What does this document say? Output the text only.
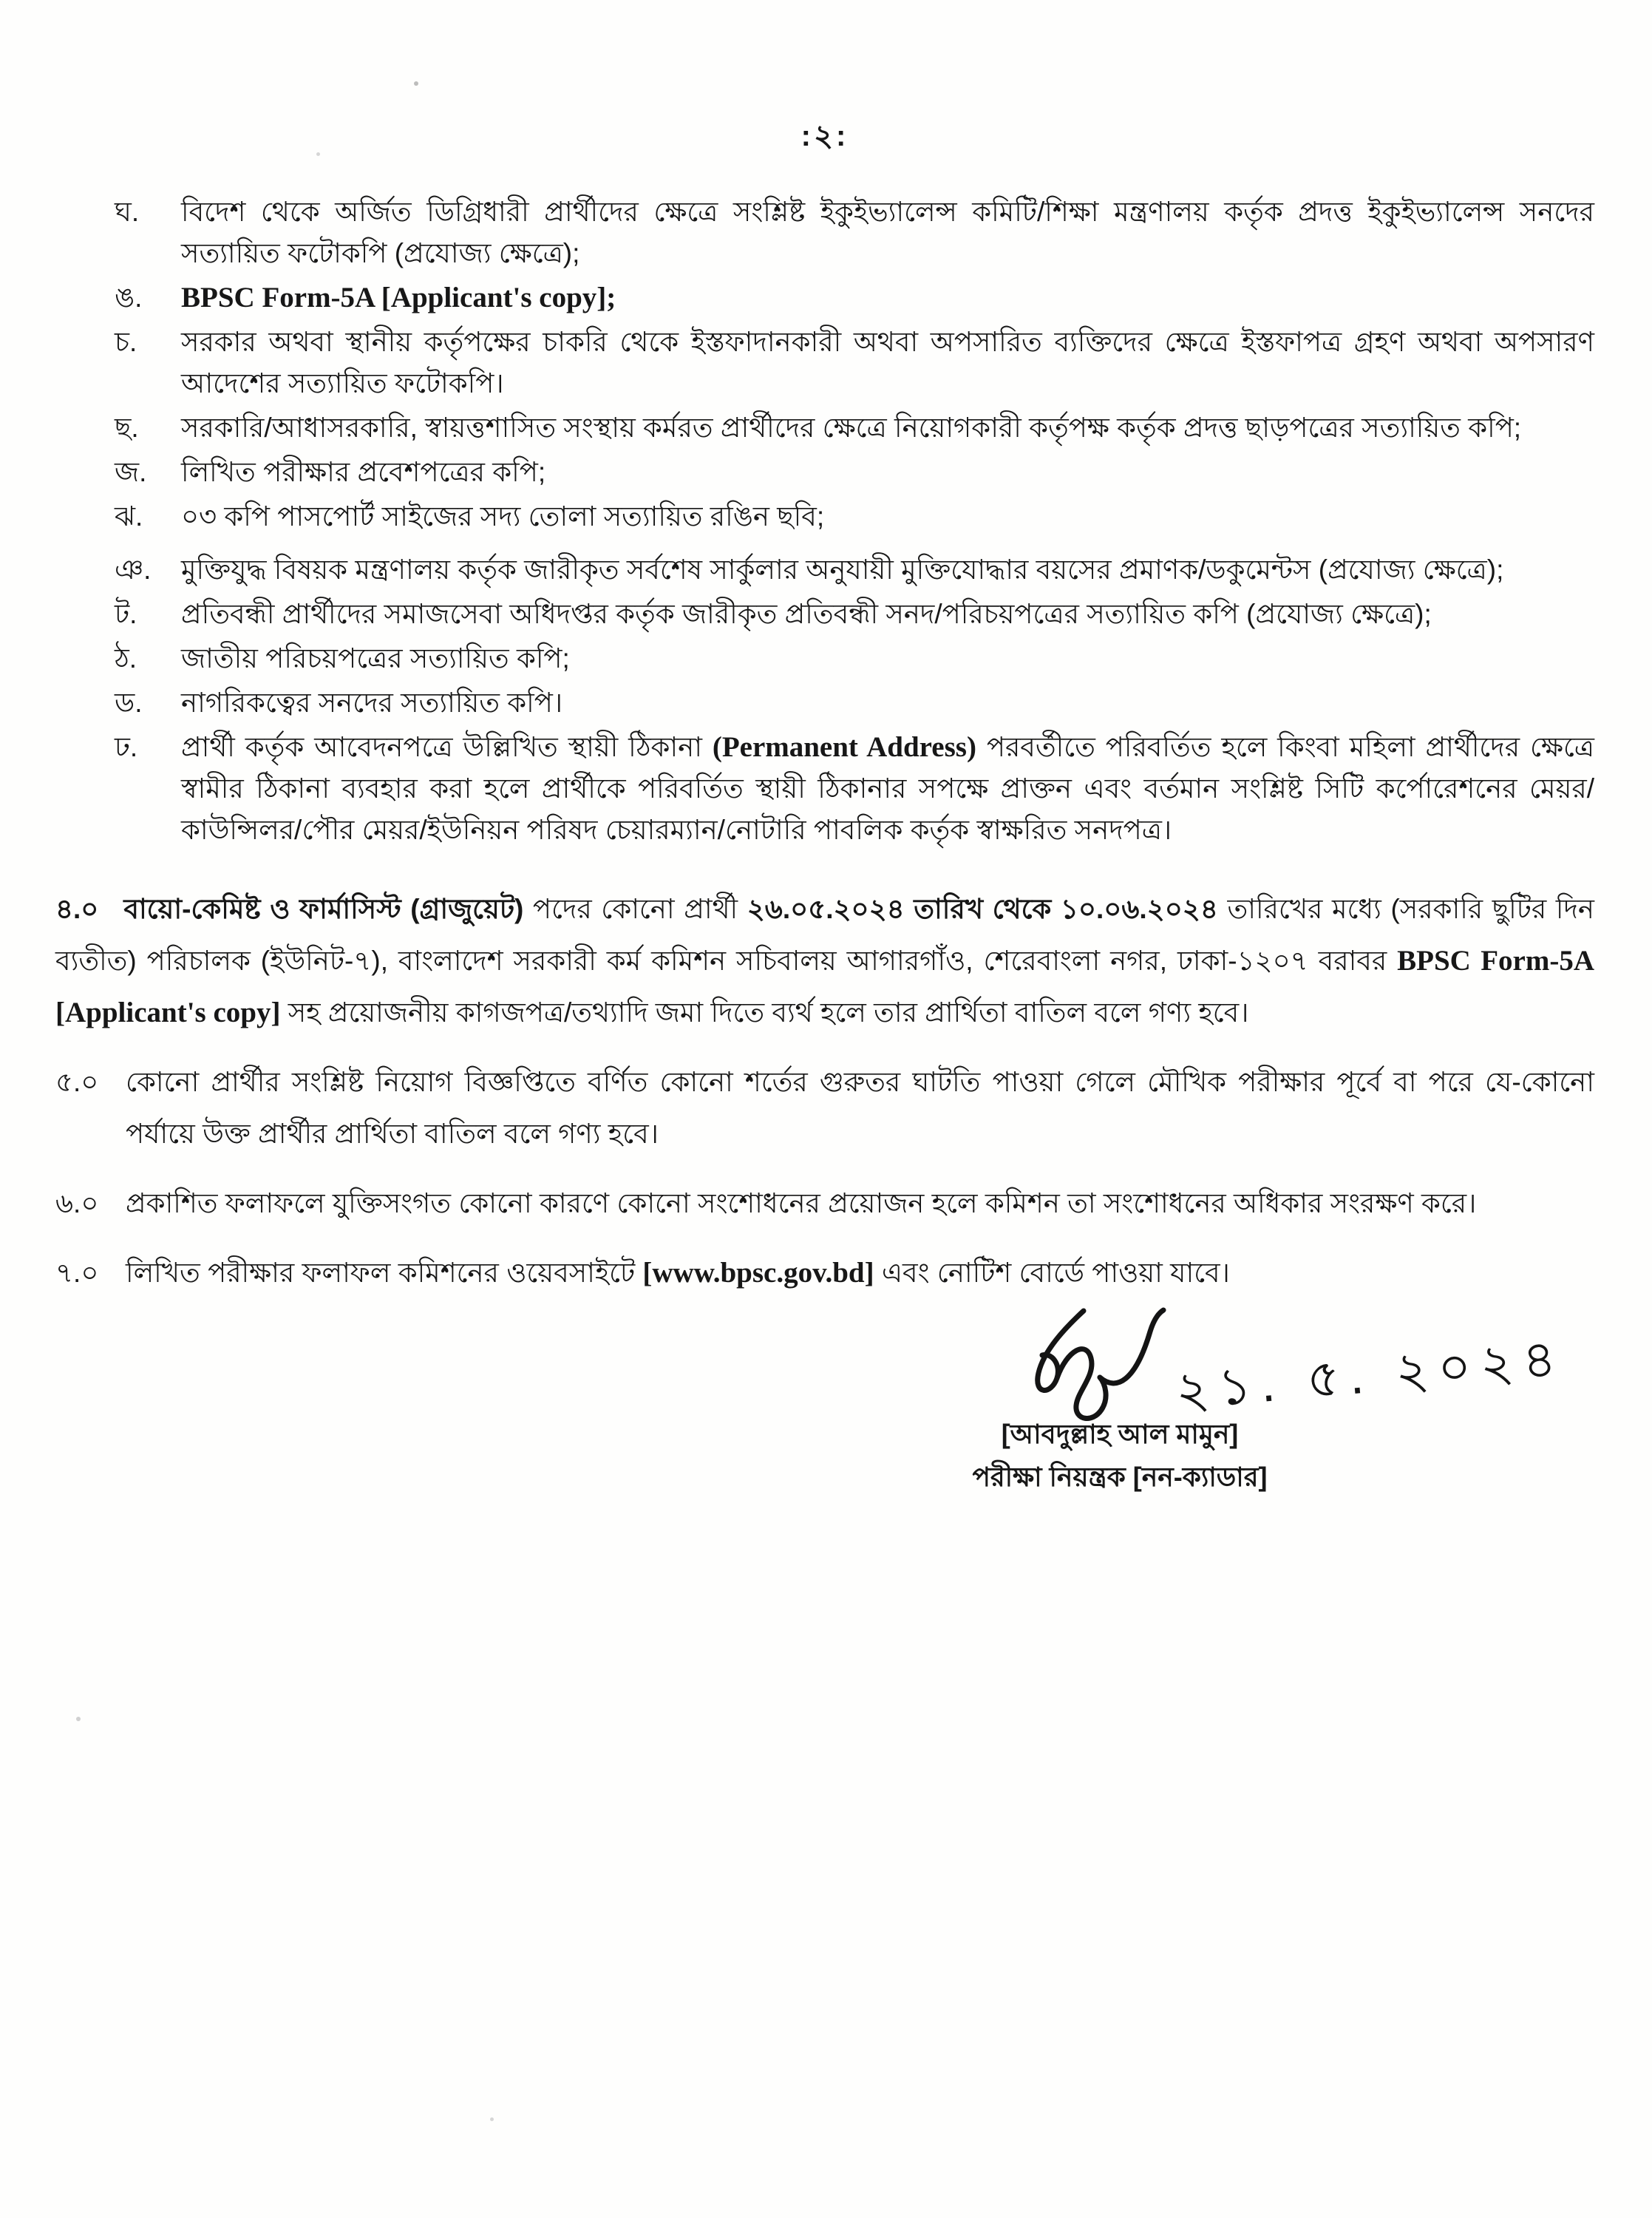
:২:
ঘ. বিদেশ থেকে অর্জিত ডিগ্রিধারী প্রার্থীদের ক্ষেত্রে সংশ্লিষ্ট ইকুইভ্যালেন্স কমিটি/শিক্ষা মন্ত্রণালয় কর্তৃক প্রদত্ত ইকুইভ্যালেন্স সনদের সত্যায়িত ফটোকপি (প্রযোজ্য ক্ষেত্রে);
ঙ. BPSC Form-5A [Applicant's copy];
চ. সরকার অথবা স্থানীয় কর্তৃপক্ষের চাকরি থেকে ইস্তফাদানকারী অথবা অপসারিত ব্যক্তিদের ক্ষেত্রে ইস্তফাপত্র গ্রহণ অথবা অপসারণ আদেশের সত্যায়িত ফটোকপি।
ছ. সরকারি/আধাসরকারি, স্বায়ত্তশাসিত সংস্থায় কর্মরত প্রার্থীদের ক্ষেত্রে নিয়োগকারী কর্তৃপক্ষ কর্তৃক প্রদত্ত ছাড়পত্রের সত্যায়িত কপি;
জ. লিখিত পরীক্ষার প্রবেশপত্রের কপি;
ঝ. ০৩ কপি পাসপোর্ট সাইজের সদ্য তোলা সত্যায়িত রঙিন ছবি;
ঞ. মুক্তিযুদ্ধ বিষয়ক মন্ত্রণালয় কর্তৃক জারীকৃত সর্বশেষ সার্কুলার অনুযায়ী মুক্তিযোদ্ধার বয়সের প্রমাণক/ডকুমেন্টস (প্রযোজ্য ক্ষেত্রে);
ট. প্রতিবন্ধী প্রার্থীদের সমাজসেবা অধিদপ্তর কর্তৃক জারীকৃত প্রতিবন্ধী সনদ/পরিচয়পত্রের সত্যায়িত কপি (প্রযোজ্য ক্ষেত্রে);
ঠ. জাতীয় পরিচয়পত্রের সত্যায়িত কপি;
ড. নাগরিকত্বের সনদের সত্যায়িত কপি।
ঢ. প্রার্থী কর্তৃক আবেদনপত্রে উল্লিখিত স্থায়ী ঠিকানা (Permanent Address) পরবর্তীতে পরিবর্তিত হলে কিংবা মহিলা প্রার্থীদের ক্ষেত্রে স্বামীর ঠিকানা ব্যবহার করা হলে প্রার্থীকে পরিবর্তিত স্থায়ী ঠিকানার সপক্ষে প্রাক্তন এবং বর্তমান সংশ্লিষ্ট সিটি কর্পোরেশনের মেয়র/কাউন্সিলর/পৌর মেয়র/ইউনিয়ন পরিষদ চেয়ারম্যান/নোটারি পাবলিক কর্তৃক স্বাক্ষরিত সনদপত্র।

৪.০ বায়ো-কেমিষ্ট ও ফার্মাসিস্ট (গ্রাজুয়েট) পদের কোনো প্রার্থী ২৬.০৫.২০২৪ তারিখ থেকে ১০.০৬.২০২৪ তারিখের মধ্যে (সরকারি ছুটির দিন ব্যতীত) পরিচালক (ইউনিট-৭), বাংলাদেশ সরকারী কর্ম কমিশন সচিবালয় আগারগাঁও, শেরেবাংলা নগর, ঢাকা-১২০৭ বরাবর BPSC Form-5A [Applicant's copy] সহ প্রয়োজনীয় কাগজপত্র/তথ্যাদি জমা দিতে ব্যর্থ হলে তার প্রার্থিতা বাতিল বলে গণ্য হবে।

৫.০ কোনো প্রার্থীর সংশ্লিষ্ট নিয়োগ বিজ্ঞপ্তিতে বর্ণিত কোনো শর্তের গুরুতর ঘাটতি পাওয়া গেলে মৌখিক পরীক্ষার পূর্বে বা পরে যে-কোনো পর্যায়ে উক্ত প্রার্থীর প্রার্থিতা বাতিল বলে গণ্য হবে।
৬.০ প্রকাশিত ফলাফলে যুক্তিসংগত কোনো কারণে কোনো সংশোধনের প্রয়োজন হলে কমিশন তা সংশোধনের অধিকার সংরক্ষণ করে।
৭.০ লিখিত পরীক্ষার ফলাফল কমিশনের ওয়েবসাইটে [www.bpsc.gov.bd] এবং নোটিশ বোর্ডে পাওয়া যাবে।
২১. ৫. ২০২৪
[আবদুল্লাহ আল মামুন]
পরীক্ষা নিয়ন্ত্রক [নন-ক্যাডার]
